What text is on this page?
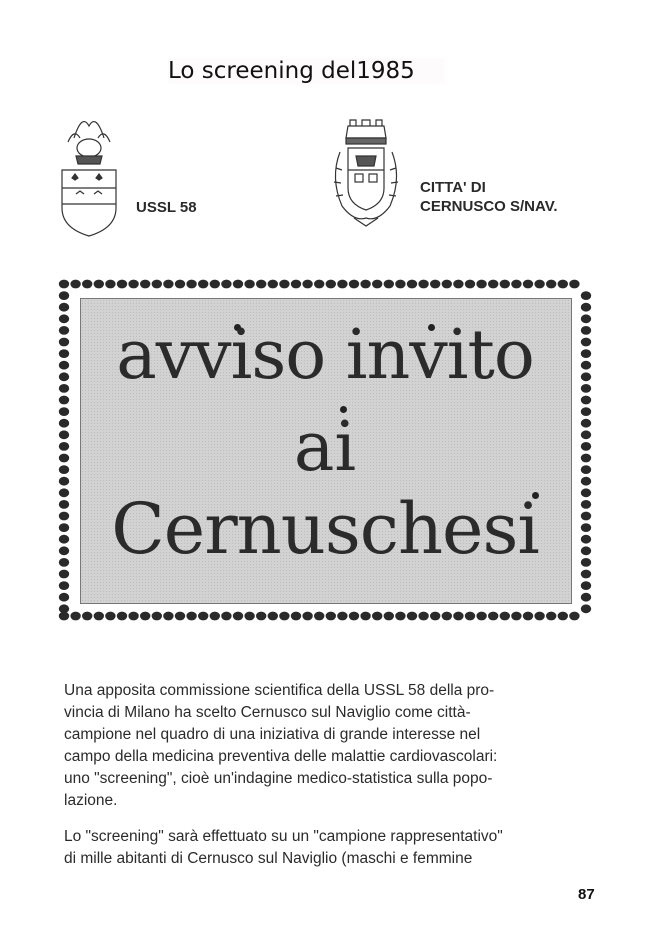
Lo screening del1985
USSL 58
CITTA' DI
CERNUSCO S/NAV.
avviso invito
ai
Cernuschesi
Una apposita commissione scientifica della USSL 58 della pro-
vincia di Milano ha scelto Cernusco sul Naviglio come città-
campione nel quadro di una iniziativa di grande interesse nel
campo della medicina preventiva delle malattie cardiovascolari:
uno "screening", cioè un'indagine medico-statistica sulla popo-
lazione.
Lo "screening" sarà effettuato su un "campione rappresentativo"
di mille abitanti di Cernusco sul Naviglio (maschi e femmine
87
